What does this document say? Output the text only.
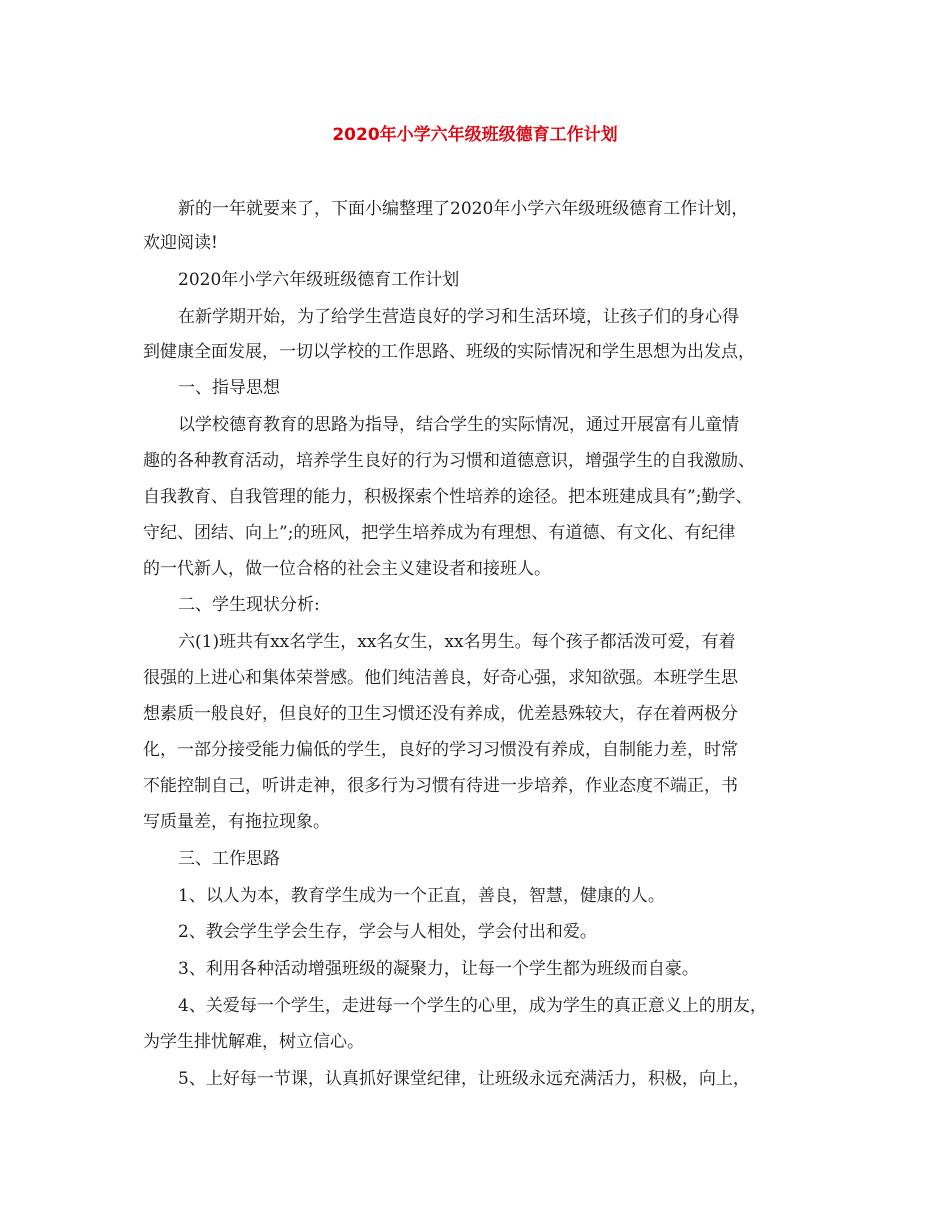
2020年小学六年级班级德育工作计划

新的一年就要来了，下面小编整理了2020年小学六年级班级德育工作计划，

欢迎阅读!

2020年小学六年级班级德育工作计划

在新学期开始，为了给学生营造良好的学习和生活环境，让孩子们的身心得

到健康全面发展，一切以学校的工作思路、班级的实际情况和学生思想为出发点，

一、指导思想

以学校德育教育的思路为指导，结合学生的实际情况，通过开展富有儿童情

趣的各种教育活动，培养学生良好的行为习惯和道德意识，增强学生的自我激励、

自我教育、自我管理的能力，积极探索个性培养的途径。把本班建成具有”;勤学、

守纪、团结、向上”;的班风，把学生培养成为有理想、有道德、有文化、有纪律

的一代新人，做一位合格的社会主义建设者和接班人。

二、学生现状分析:

六(1)班共有xx名学生，xx名女生，xx名男生。每个孩子都活泼可爱，有着

很强的上进心和集体荣誉感。他们纯洁善良，好奇心强，求知欲强。本班学生思

想素质一般良好，但良好的卫生习惯还没有养成，优差悬殊较大，存在着两极分

化，一部分接受能力偏低的学生，良好的学习习惯没有养成，自制能力差，时常

不能控制自己，听讲走神，很多行为习惯有待进一步培养，作业态度不端正，书

写质量差，有拖拉现象。

三、工作思路

1、以人为本，教育学生成为一个正直，善良，智慧，健康的人。

2、教会学生学会生存，学会与人相处，学会付出和爱。

3、利用各种活动增强班级的凝聚力，让每一个学生都为班级而自豪。

4、关爱每一个学生，走进每一个学生的心里，成为学生的真正意义上的朋友，

为学生排忧解难，树立信心。

5、上好每一节课，认真抓好课堂纪律，让班级永远充满活力，积极，向上，
